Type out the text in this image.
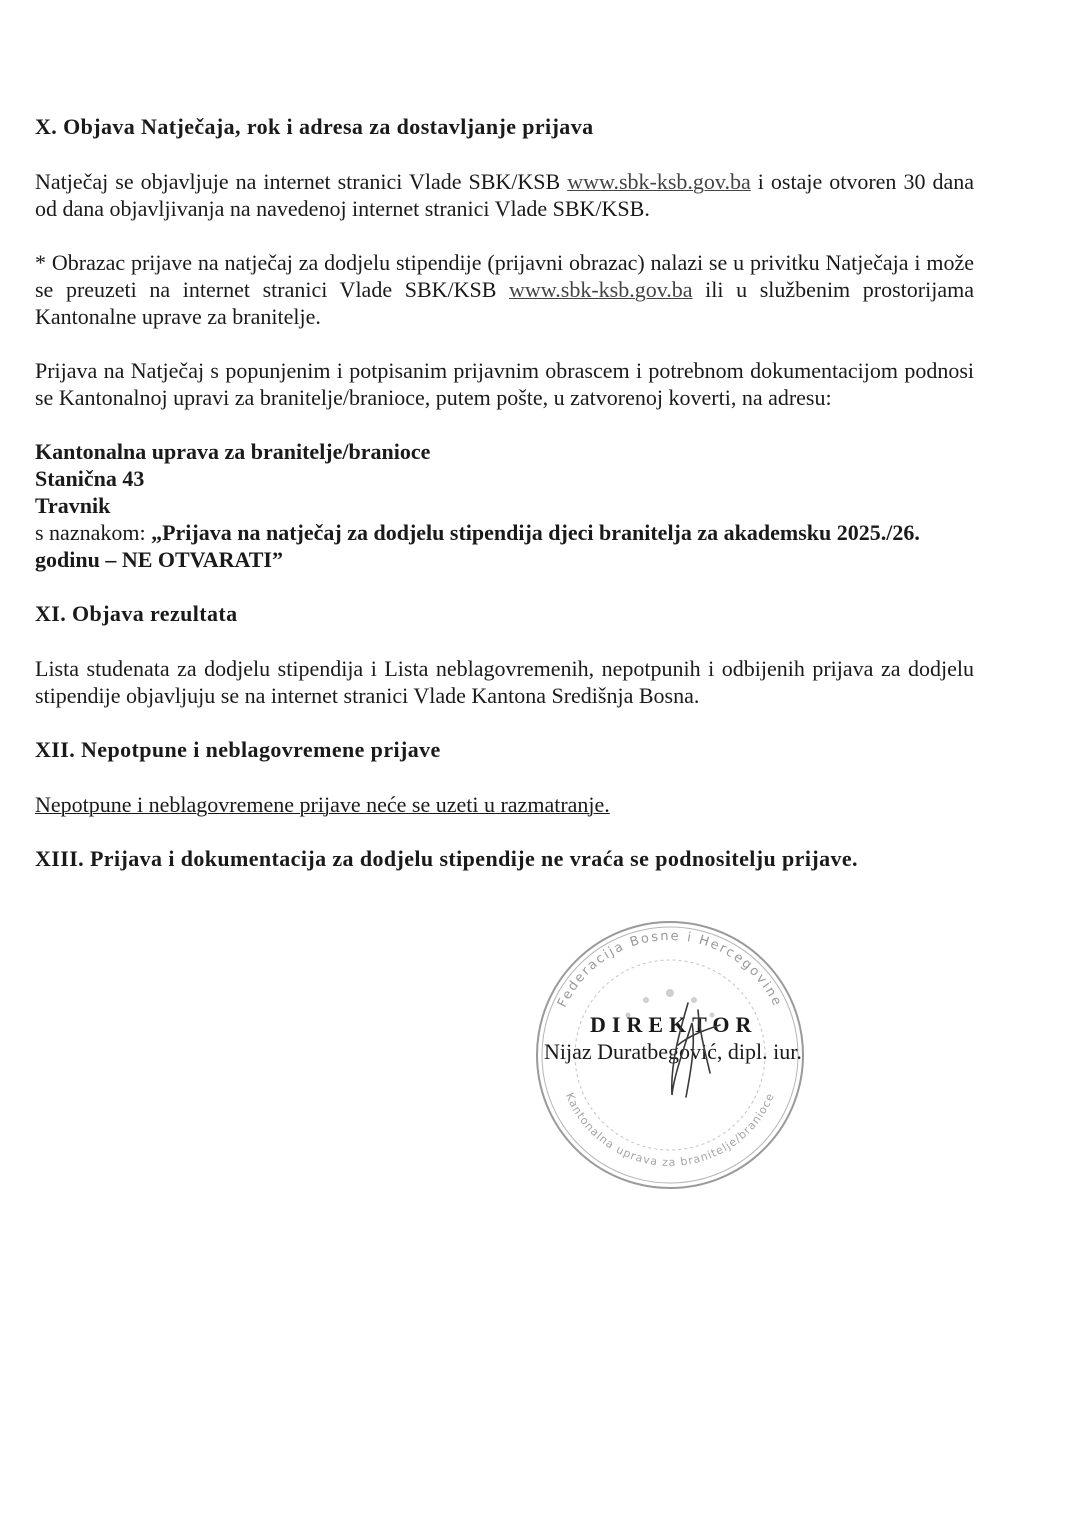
X. Objava Natječaja, rok i adresa za dostavljanje prijava

Natječaj se objavljuje na internet stranici Vlade SBK/KSB www.sbk-ksb.gov.ba i ostaje otvoren 30 dana od dana objavljivanja na navedenoj internet stranici Vlade SBK/KSB.

* Obrazac prijave na natječaj za dodjelu stipendije (prijavni obrazac) nalazi se u privitku Natječaja i može se preuzeti na internet stranici Vlade SBK/KSB www.sbk-ksb.gov.ba ili u službenim prostorijama Kantonalne uprave za branitelje.

Prijava na Natječaj s popunjenim i potpisanim prijavnim obrascem i potrebnom dokumentacijom podnosi se Kantonalnoj upravi za branitelje/branioce, putem pošte, u zatvorenoj koverti, na adresu:

Kantonalna uprava za branitelje/branioce
Stanična 43
Travnik

s naznakom: „Prijava na natječaj za dodjelu stipendija djeci branitelja za akademsku 2025./26. godinu – NE OTVARATI”

XI. Objava rezultata

Lista studenata za dodjelu stipendija i Lista neblagovremenih, nepotpunih i odbijenih prijava za dodjelu stipendije objavljuju se na internet stranici Vlade Kantona Središnja Bosna.

XII. Nepotpune i neblagovremene prijave

Nepotpune i neblagovremene prijave neće se uzeti u razmatranje.

XIII. Prijava i dokumentacija za dodjelu stipendije ne vraća se podnositelju prijave.
Federacija Bosne i Hercegovine
Kantonalna uprava za branitelje/branioce
DIREKTOR
Nijaz Duratbegović, dipl. iur.
